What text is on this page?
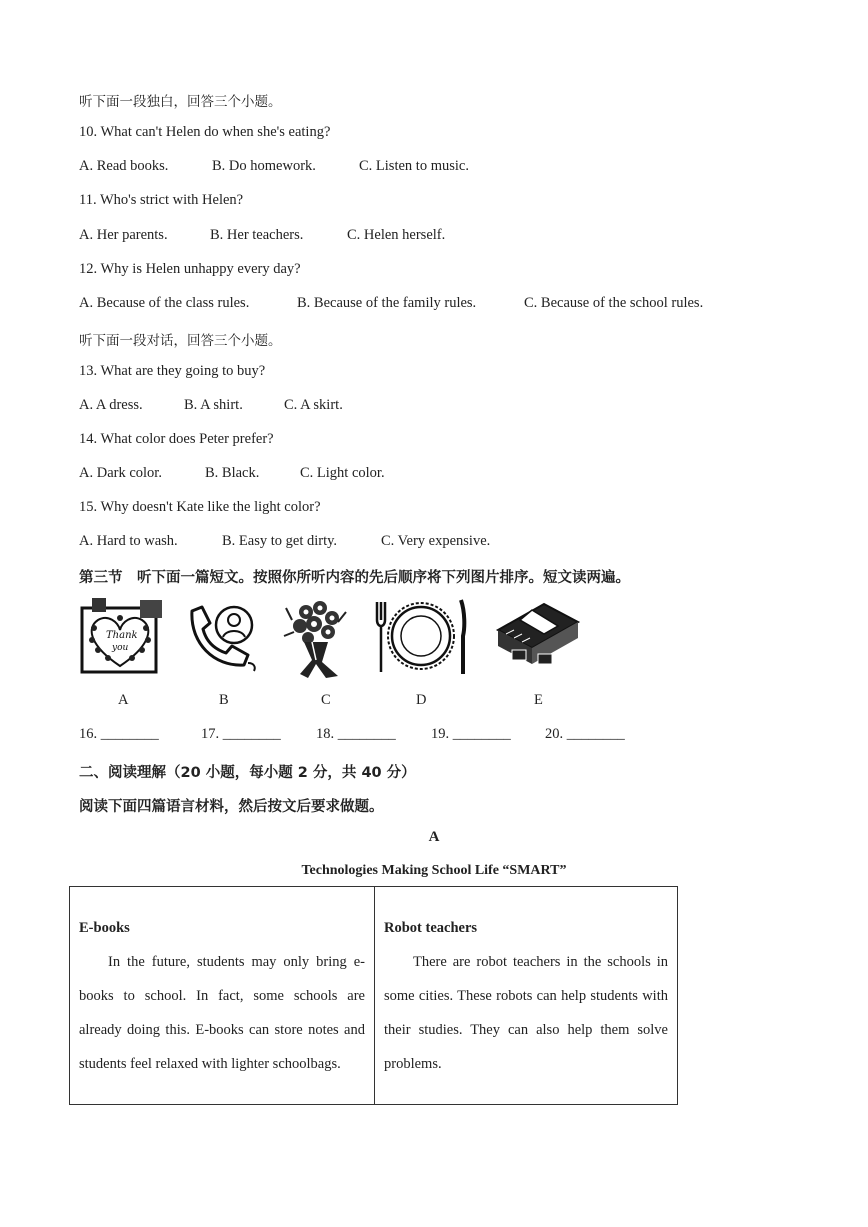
听下面一段独白，回答三个小题。
10. What can't Helen do when she's eating?
A. Read books.	B. Do homework.	C. Listen to music.
11. Who's strict with Helen?
A. Her parents.	B. Her teachers.	C. Helen herself.
12. Why is Helen unhappy every day?
A. Because of the class rules.	B. Because of the family rules.	C. Because of the school rules.
听下面一段对话，回答三个小题。
13. What are they going to buy?
A. A dress.	B. A shirt.	C. A skirt.
14. What color does Peter prefer?
A. Dark color.	B. Black.	C. Light color.
15. Why doesn't Kate like the light color?
A. Hard to wash.	B. Easy to get dirty.	C. Very expensive.
第三节　听下面一篇短文。按照你所听内容的先后顺序将下列图片排序。短文读两遍。
Thank
you
A	B	C	D	E
16. ________	17. ________ 18. ________ 19. ________ 20. ________
二、阅读理解（20 小题，每小题 2 分，共 40 分）
阅读下面四篇语言材料，然后按文后要求做题。
A
Technologies Making School Life “SMART”
E-books
In the future, students may only bring e-books to school. In fact, some schools are already doing this. E-books can store notes and students feel relaxed with lighter schoolbags.

Robot teachers
There are robot teachers in the schools in some cities. These robots can help students with their studies. They can also help them solve problems.
